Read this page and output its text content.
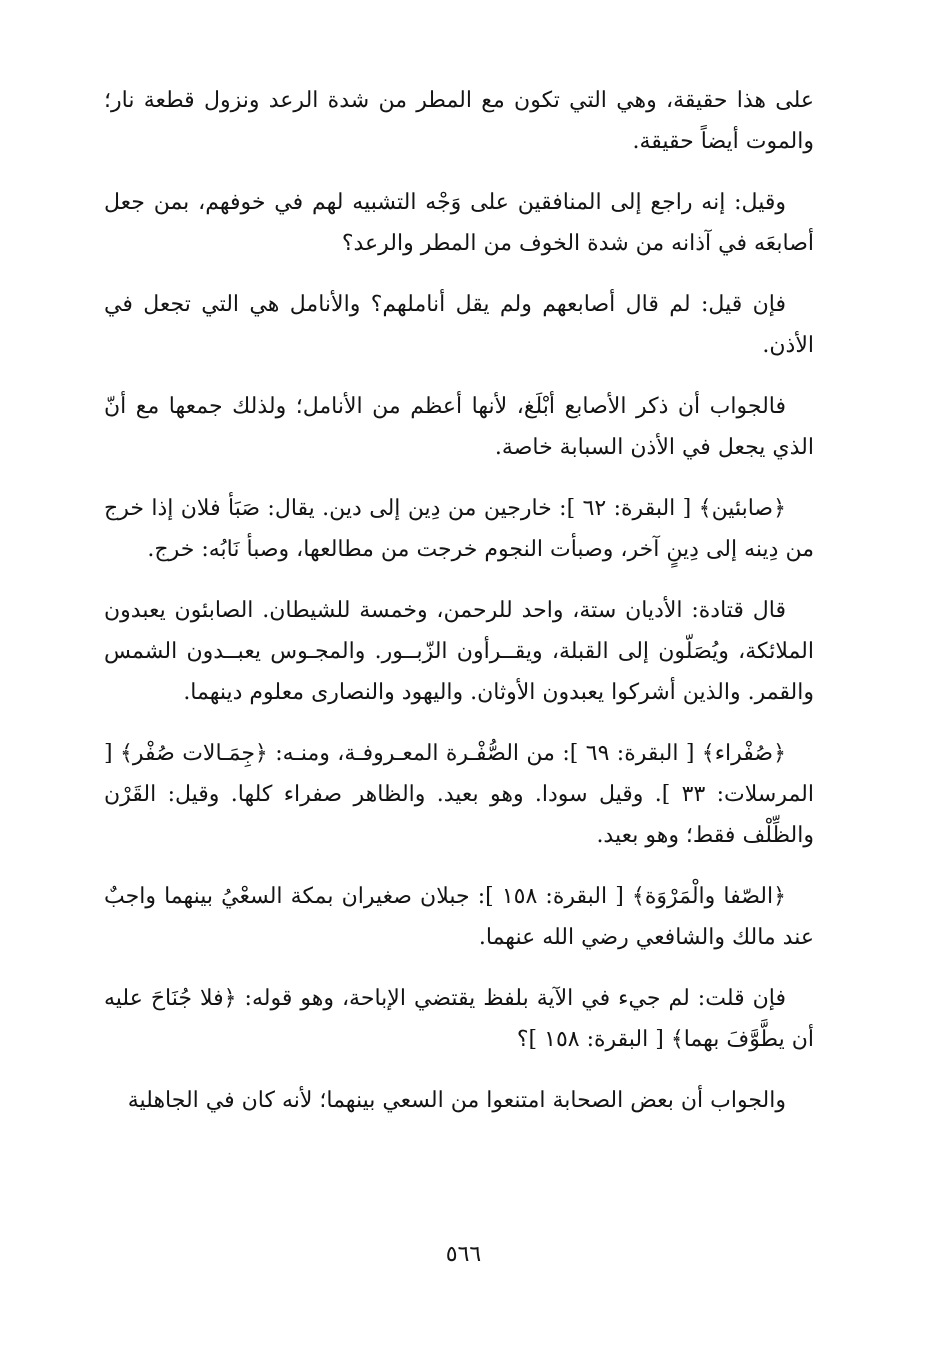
على هذا حقيقة، وهي التي تكون مع المطر من شدة الرعد ونزول قطعة نار؛ والموت أيضاً حقيقة.

وقيل: إنه راجع إلى المنافقين على وَجْه التشبيه لهم في خوفهم، بمن جعل أصابعَه في آذانه من شدة الخوف من المطر والرعد؟

فإن قيل: لم قال أصابعهم ولم يقل أناملهم؟ والأنامل هي التي تجعل في الأذن.

فالجواب أن ذكر الأصابع أبْلَغ، لأنها أعظم من الأنامل؛ ولذلك جمعها مع أنّ الذي يجعل في الأذن السبابة خاصة.

﴿صابئين﴾ [ البقرة: ٦٢ ]: خارجين من دِين إلى دين. يقال: صَبَأ فلان إذا خرج من دِينه إلى دِينٍ آخر، وصبأت النجوم خرجت من مطالعها، وصبأ نَابُه: خرج.

قال قتادة: الأديان ستة، واحد للرحمن، وخمسة للشيطان. الصابئون يعبدون الملائكة، ويُصَلّون إلى القبلة، ويقــرأون الزّبــور. والمجـوس يعبــدون الشمس والقمر. والذين أشركوا يعبدون الأوثان. واليهود والنصارى معلوم دينهما.

﴿صُفْراء﴾ [ البقرة: ٦٩ ]: من الصُّفْـرة المعـروفـة، ومنـه: ﴿جِمَـالات صُفْر﴾ [ المرسلات: ٣٣ ]. وقيل سودا. وهو بعيد. والظاهر صفراء كلها. وقيل: القَرْن والظِّلْف فقط؛ وهو بعيد.

﴿الصّفا والْمَرْوَة﴾ [ البقرة: ١٥٨ ]: جبلان صغيران بمكة السعْيُ بينهما واجبٌ عند مالك والشافعي رضي الله عنهما.

فإن قلت: لم جيء في الآية بلفظ يقتضي الإباحة، وهو قوله: ﴿فلا جُنَاحَ عليه أن يطَّوَّفَ بهما﴾ [ البقرة: ١٥٨ ]؟

والجواب أن بعض الصحابة امتنعوا من السعي بينهما؛ لأنه كان في الجاهلية

٥٦٦
